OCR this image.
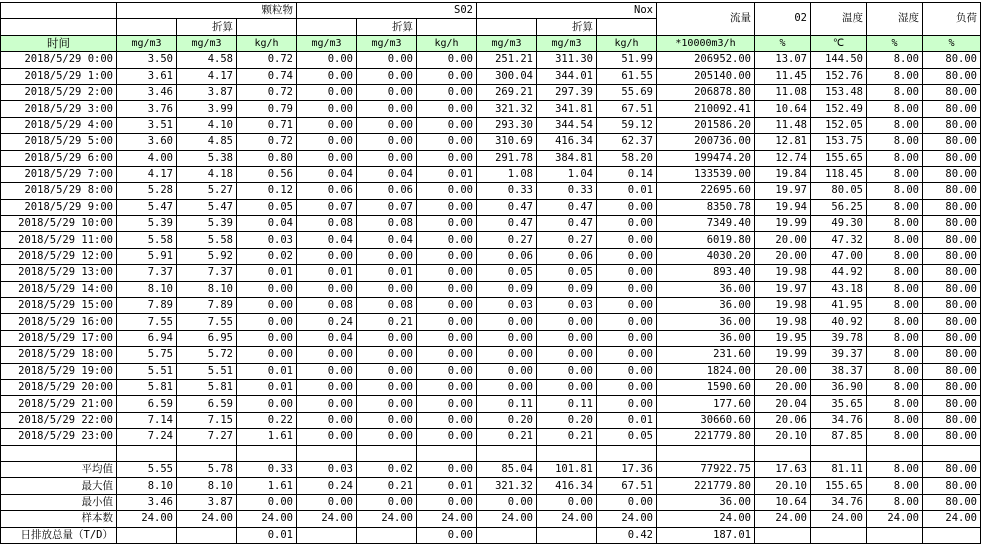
	颗粒物			S02			Nox			流量	02	温度	湿度	负荷
		折算			折算			折算						
时间	mg/m3	mg/m3	kg/h	mg/m3	mg/m3	kg/h	mg/m3	mg/m3	kg/h	*10000m3/h	%	℃	%	%
2018/5/29 0:00	3.50	4.58	0.72	0.00	0.00	0.00	251.21	311.30	51.99	206952.00	13.07	144.50	8.00	80.00
2018/5/29 1:00	3.61	4.17	0.74	0.00	0.00	0.00	300.04	344.01	61.55	205140.00	11.45	152.76	8.00	80.00
2018/5/29 2:00	3.46	3.87	0.72	0.00	0.00	0.00	269.21	297.39	55.69	206878.80	11.08	153.48	8.00	80.00
2018/5/29 3:00	3.76	3.99	0.79	0.00	0.00	0.00	321.32	341.81	67.51	210092.41	10.64	152.49	8.00	80.00
2018/5/29 4:00	3.51	4.10	0.71	0.00	0.00	0.00	293.30	344.54	59.12	201586.20	11.48	152.05	8.00	80.00
2018/5/29 5:00	3.60	4.85	0.72	0.00	0.00	0.00	310.69	416.34	62.37	200736.00	12.81	153.75	8.00	80.00
2018/5/29 6:00	4.00	5.38	0.80	0.00	0.00	0.00	291.78	384.81	58.20	199474.20	12.74	155.65	8.00	80.00
2018/5/29 7:00	4.17	4.18	0.56	0.04	0.04	0.01	1.08	1.04	0.14	133539.00	19.84	118.45	8.00	80.00
2018/5/29 8:00	5.28	5.27	0.12	0.06	0.06	0.00	0.33	0.33	0.01	22695.60	19.97	80.05	8.00	80.00
2018/5/29 9:00	5.47	5.47	0.05	0.07	0.07	0.00	0.47	0.47	0.00	8350.78	19.94	56.25	8.00	80.00
2018/5/29 10:00	5.39	5.39	0.04	0.08	0.08	0.00	0.47	0.47	0.00	7349.40	19.99	49.30	8.00	80.00
2018/5/29 11:00	5.58	5.58	0.03	0.04	0.04	0.00	0.27	0.27	0.00	6019.80	20.00	47.32	8.00	80.00
2018/5/29 12:00	5.91	5.92	0.02	0.00	0.00	0.00	0.06	0.06	0.00	4030.20	20.00	47.00	8.00	80.00
2018/5/29 13:00	7.37	7.37	0.01	0.01	0.01	0.00	0.05	0.05	0.00	893.40	19.98	44.92	8.00	80.00
2018/5/29 14:00	8.10	8.10	0.00	0.00	0.00	0.00	0.09	0.09	0.00	36.00	19.97	43.18	8.00	80.00
2018/5/29 15:00	7.89	7.89	0.00	0.08	0.08	0.00	0.03	0.03	0.00	36.00	19.98	41.95	8.00	80.00
2018/5/29 16:00	7.55	7.55	0.00	0.24	0.21	0.00	0.00	0.00	0.00	36.00	19.98	40.92	8.00	80.00
2018/5/29 17:00	6.94	6.95	0.00	0.04	0.00	0.00	0.00	0.00	0.00	36.00	19.95	39.78	8.00	80.00
2018/5/29 18:00	5.75	5.72	0.00	0.00	0.00	0.00	0.00	0.00	0.00	231.60	19.99	39.37	8.00	80.00
2018/5/29 19:00	5.51	5.51	0.01	0.00	0.00	0.00	0.00	0.00	0.00	1824.00	20.00	38.37	8.00	80.00
2018/5/29 20:00	5.81	5.81	0.01	0.00	0.00	0.00	0.00	0.00	0.00	1590.60	20.00	36.90	8.00	80.00
2018/5/29 21:00	6.59	6.59	0.00	0.00	0.00	0.00	0.11	0.11	0.00	177.60	20.04	35.65	8.00	80.00
2018/5/29 22:00	7.14	7.15	0.22	0.00	0.00	0.00	0.20	0.20	0.01	30660.60	20.06	34.76	8.00	80.00
2018/5/29 23:00	7.24	7.27	1.61	0.00	0.00	0.00	0.21	0.21	0.05	221779.80	20.10	87.85	8.00	80.00

平均值	5.55	5.78	0.33	0.03	0.02	0.00	85.04	101.81	17.36	77922.75	17.63	81.11	8.00	80.00
最大值	8.10	8.10	1.61	0.24	0.21	0.01	321.32	416.34	67.51	221779.80	20.10	155.65	8.00	80.00
最小值	3.46	3.87	0.00	0.00	0.00	0.00	0.00	0.00	0.00	36.00	10.64	34.76	8.00	80.00
样本数	24.00	24.00	24.00	24.00	24.00	24.00	24.00	24.00	24.00	24.00	24.00	24.00	24.00	24.00
日排放总量（T/D）			0.01			0.00			0.42	187.01				
